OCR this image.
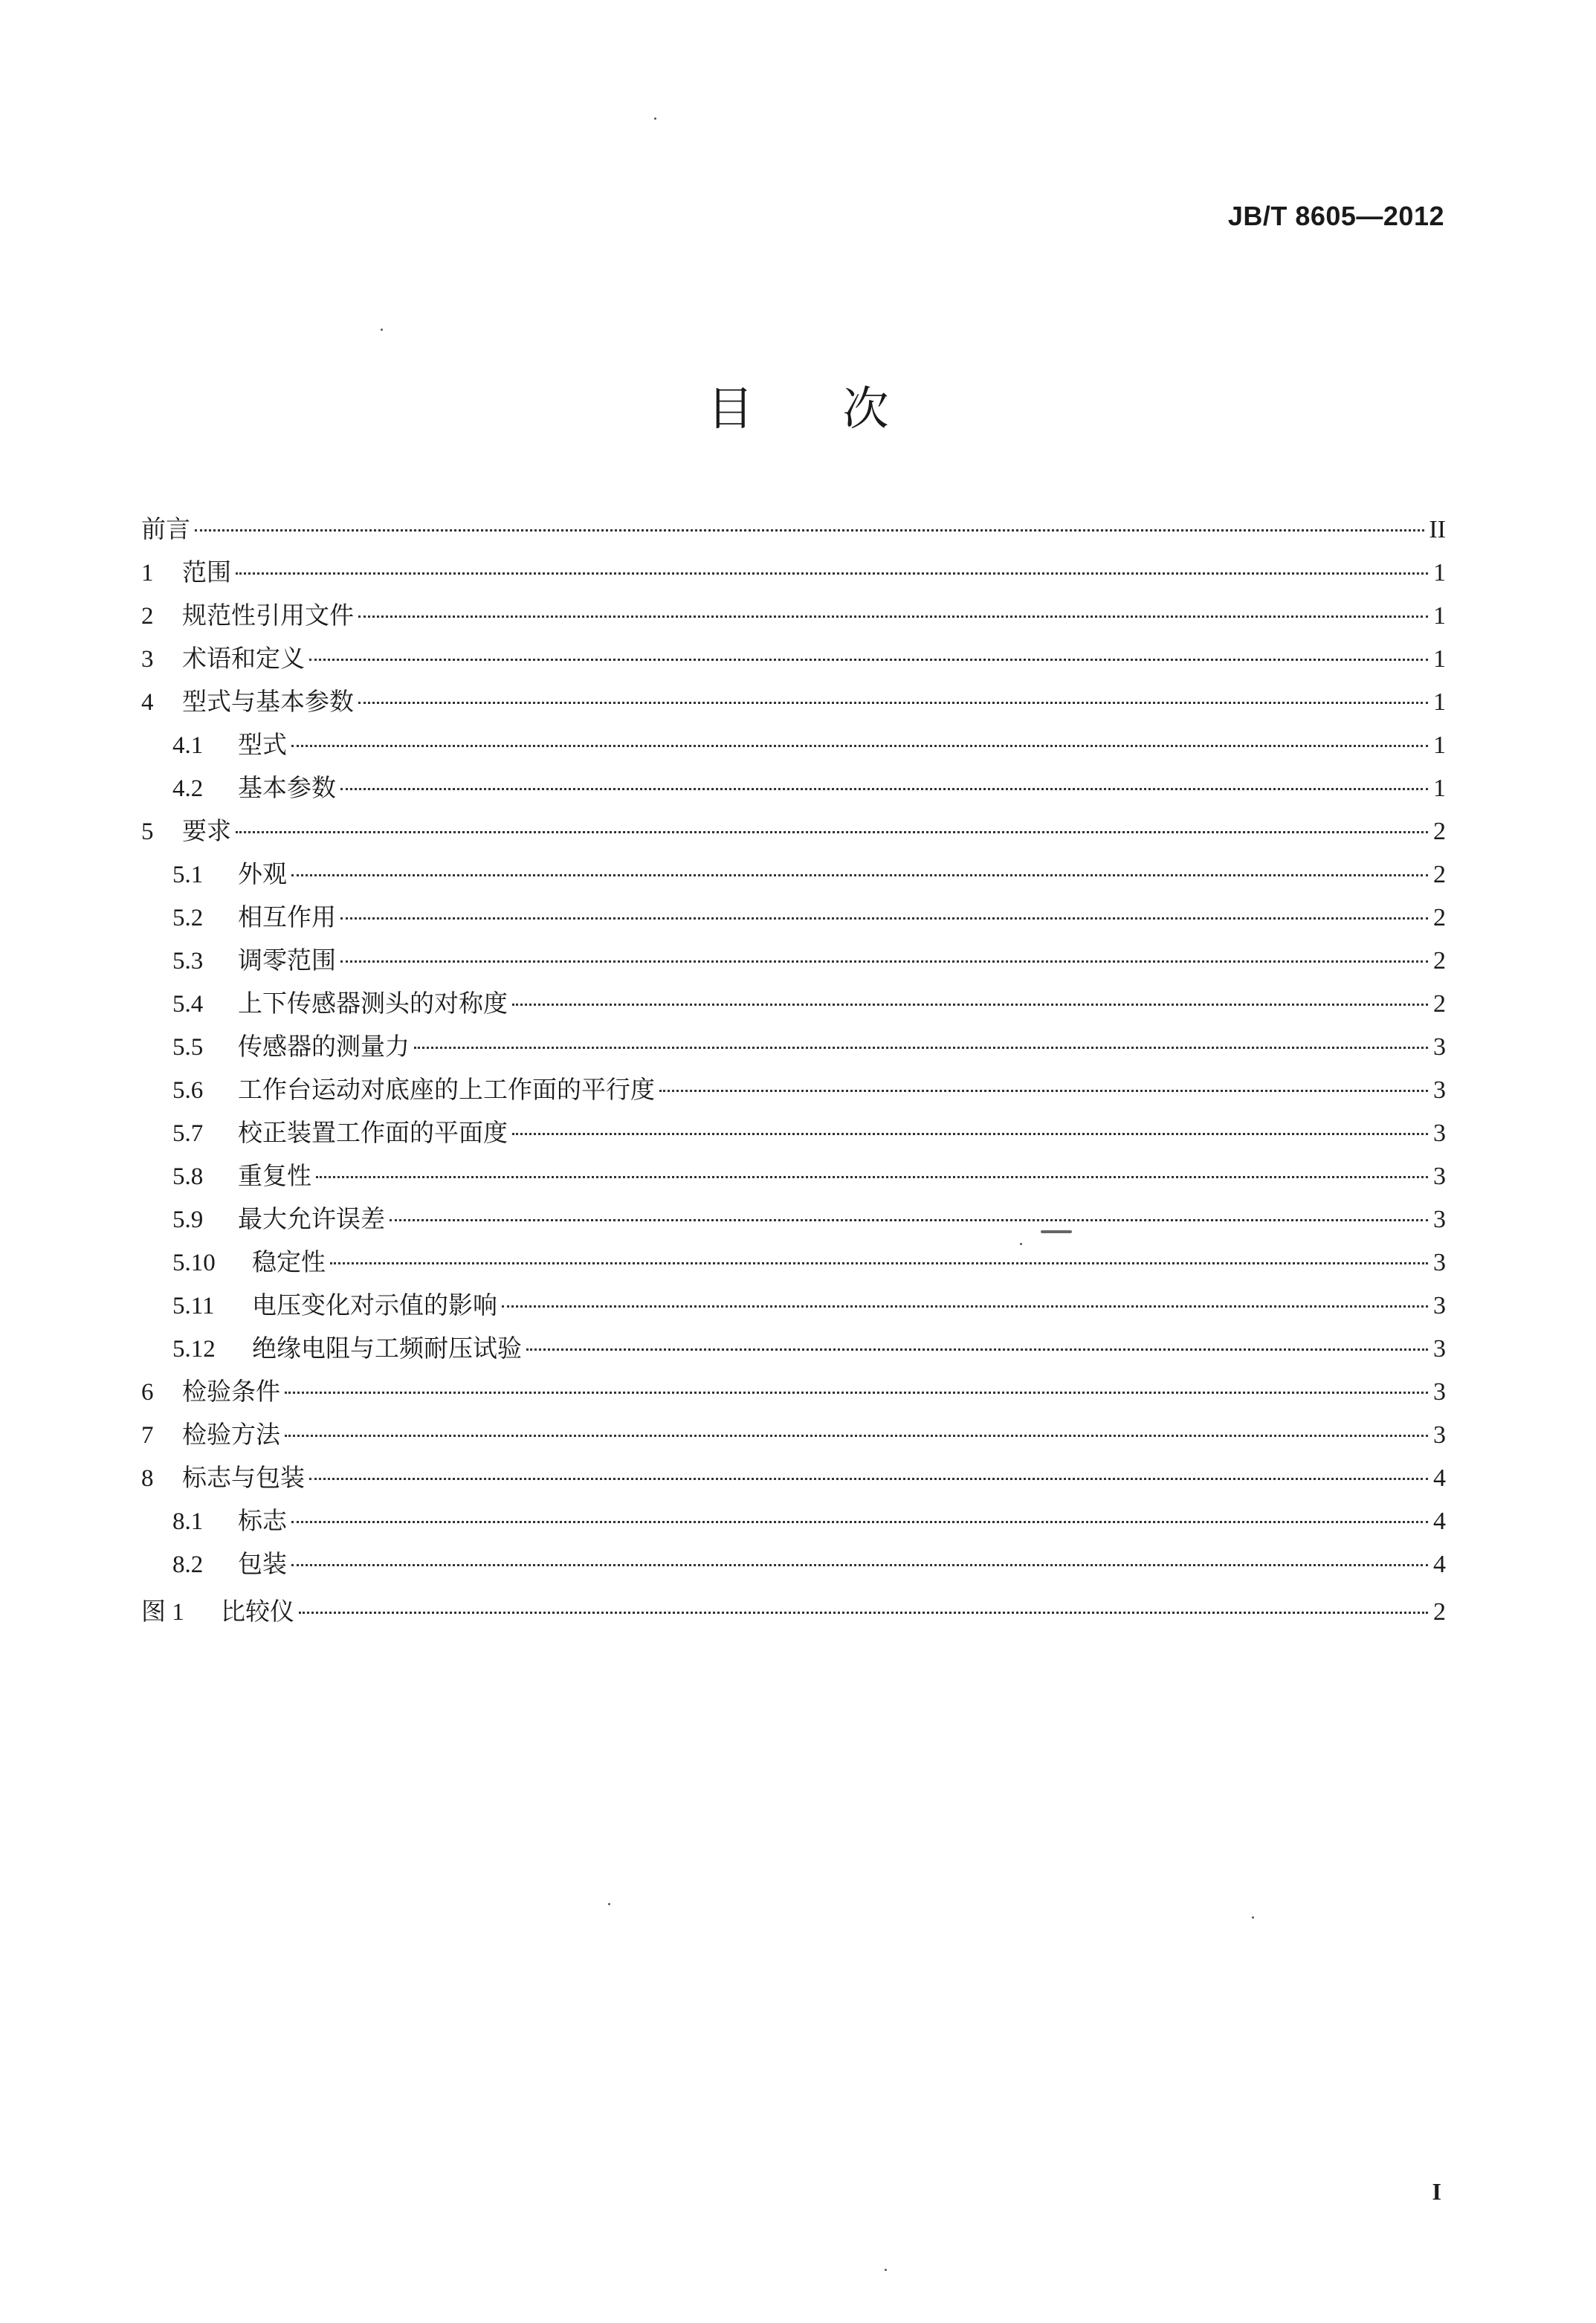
JB/T 8605—2012
目 次
前言	II
1	范围	1
2	规范性引用文件	1
3	术语和定义	1
4	型式与基本参数	1
4.1	型式	1
4.2	基本参数	1
5	要求	2
5.1	外观	2
5.2	相互作用	2
5.3	调零范围	2
5.4	上下传感器测头的对称度	2
5.5	传感器的测量力	3
5.6	工作台运动对底座的上工作面的平行度	3
5.7	校正装置工作面的平面度	3
5.8	重复性	3
5.9	最大允许误差	3
5.10	稳定性	3
5.11	电压变化对示值的影响	3
5.12	绝缘电阻与工频耐压试验	3
6	检验条件	3
7	检验方法	3
8	标志与包装	4
8.1	标志	4
8.2	包装	4
图 1	比较仪	2
I
